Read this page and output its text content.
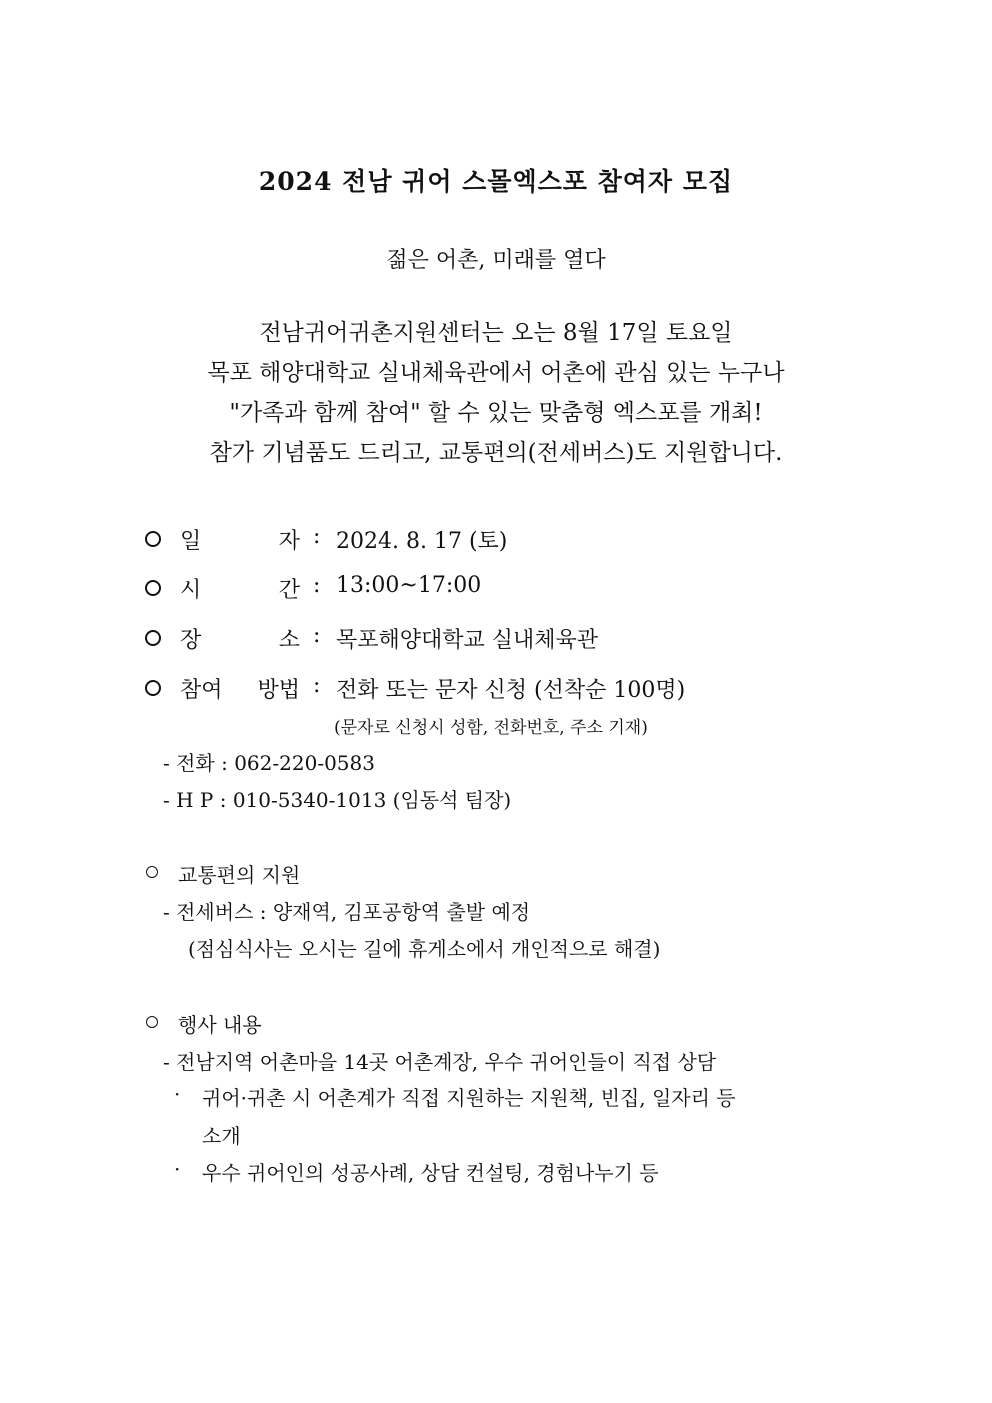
2024 전남 귀어 스몰엑스포 참여자 모집
젊은 어촌, 미래를 열다
전남귀어귀촌지원센터는 오는 8월 17일 토요일
목포 해양대학교 실내체육관에서 어촌에 관심 있는 누구나
"가족과 함께 참여" 할 수 있는 맞춤형 엑스포를 개최!
참가 기념품도 드리고, 교통편의(전세버스)도 지원합니다.
일	자 : 2024. 8. 17 (토)
시	간 : 13:00~17:00
장	소 : 목포해양대학교 실내체육관
참여 방법 : 전화 또는 문자 신청 (선착순 100명)
(문자로 신청시 성함, 전화번호, 주소 기재)
- 전화 : 062-220-0583
- H P : 010-5340-1013 (임동석 팀장)
교통편의 지원
- 전세버스 : 양재역, 김포공항역 출발 예정
(점심식사는 오시는 길에 휴게소에서 개인적으로 해결)
행사 내용
- 전남지역 어촌마을 14곳 어촌계장, 우수 귀어인들이 직접 상담
· 귀어·귀촌 시 어촌계가 직접 지원하는 지원책, 빈집, 일자리 등
소개
· 우수 귀어인의 성공사례, 상담 컨설팅, 경험나누기 등
